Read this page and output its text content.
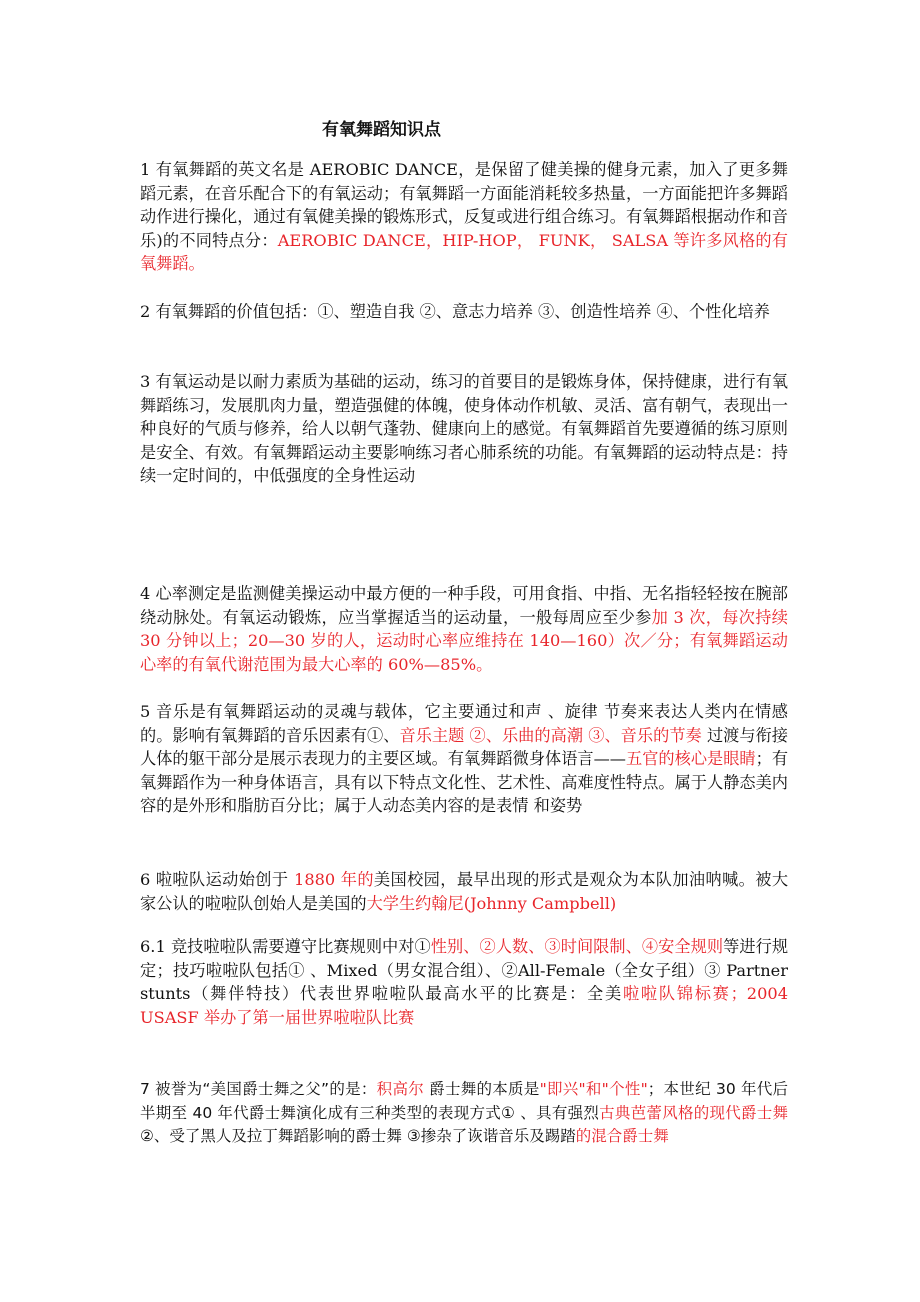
有氧舞蹈知识点
1 有氧舞蹈的英文名是 AEROBIC DANCE，是保留了健美操的健身元素，加入了更多舞蹈元素，在音乐配合下的有氧运动；有氧舞蹈一方面能消耗较多热量，一方面能把许多舞蹈动作进行操化，通过有氧健美操的锻炼形式，反复或进行组合练习。有氧舞蹈根据动作和音乐)的不同特点分：AEROBIC DANCE，HIP-HOP， FUNK， SALSA 等许多风格的有氧舞蹈。
2 有氧舞蹈的价值包括：①、塑造自我 ②、意志力培养 ③、创造性培养 ④、个性化培养
3 有氧运动是以耐力素质为基础的运动，练习的首要目的是锻炼身体，保持健康，进行有氧舞蹈练习，发展肌肉力量，塑造强健的体魄，使身体动作机敏、灵活、富有朝气，表现出一种良好的气质与修养，给人以朝气蓬勃、健康向上的感觉。有氧舞蹈首先要遵循的练习原则是安全、有效。有氧舞蹈运动主要影响练习者心肺系统的功能。有氧舞蹈的运动特点是：持续一定时间的，中低强度的全身性运动
4 心率测定是监测健美操运动中最方便的一种手段，可用食指、中指、无名指轻轻按在腕部绕动脉处。有氧运动锻炼，应当掌握适当的运动量，一般每周应至少参加 3 次，每次持续 30 分钟以上；20—30 岁的人，运动时心率应维持在 140—160）次／分；有氧舞蹈运动心率的有氧代谢范围为最大心率的 60%—85%。
5 音乐是有氧舞蹈运动的灵魂与载体，它主要通过和声 、旋律 节奏来表达人类内在情感的。影响有氧舞蹈的音乐因素有①、音乐主题 ②、乐曲的高潮 ③、音乐的节奏 过渡与衔接人体的躯干部分是展示表现力的主要区域。有氧舞蹈微身体语言——五官的核心是眼睛；有氧舞蹈作为一种身体语言，具有以下特点文化性、艺术性、高难度性特点。属于人静态美内容的是外形和脂肪百分比；属于人动态美内容的是表情 和姿势
6 啦啦队运动始创于 1880 年的美国校园，最早出现的形式是观众为本队加油呐喊。被大家公认的啦啦队创始人是美国的大学生约翰尼(Johnny Campbell)
6.1 竞技啦啦队需要遵守比赛规则中对①性别、②人数、③时间限制、④安全规则等进行规定；技巧啦啦队包括① 、Mixed（男女混合组）、②All-Female（全女子组）③ Partner stunts（舞伴特技）代表世界啦啦队最高水平的比赛是：全美啦啦队锦标赛；2004 USASF 举办了第一届世界啦啦队比赛
7 被誉为“美国爵士舞之父”的是：积高尔 爵士舞的本质是"即兴"和"个性"；本世纪 30 年代后半期至 40 年代爵士舞演化成有三种类型的表现方式① 、具有强烈古典芭蕾风格的现代爵士舞 ②、受了黑人及拉丁舞蹈影响的爵士舞 ③掺杂了诙谐音乐及踢踏的混合爵士舞
